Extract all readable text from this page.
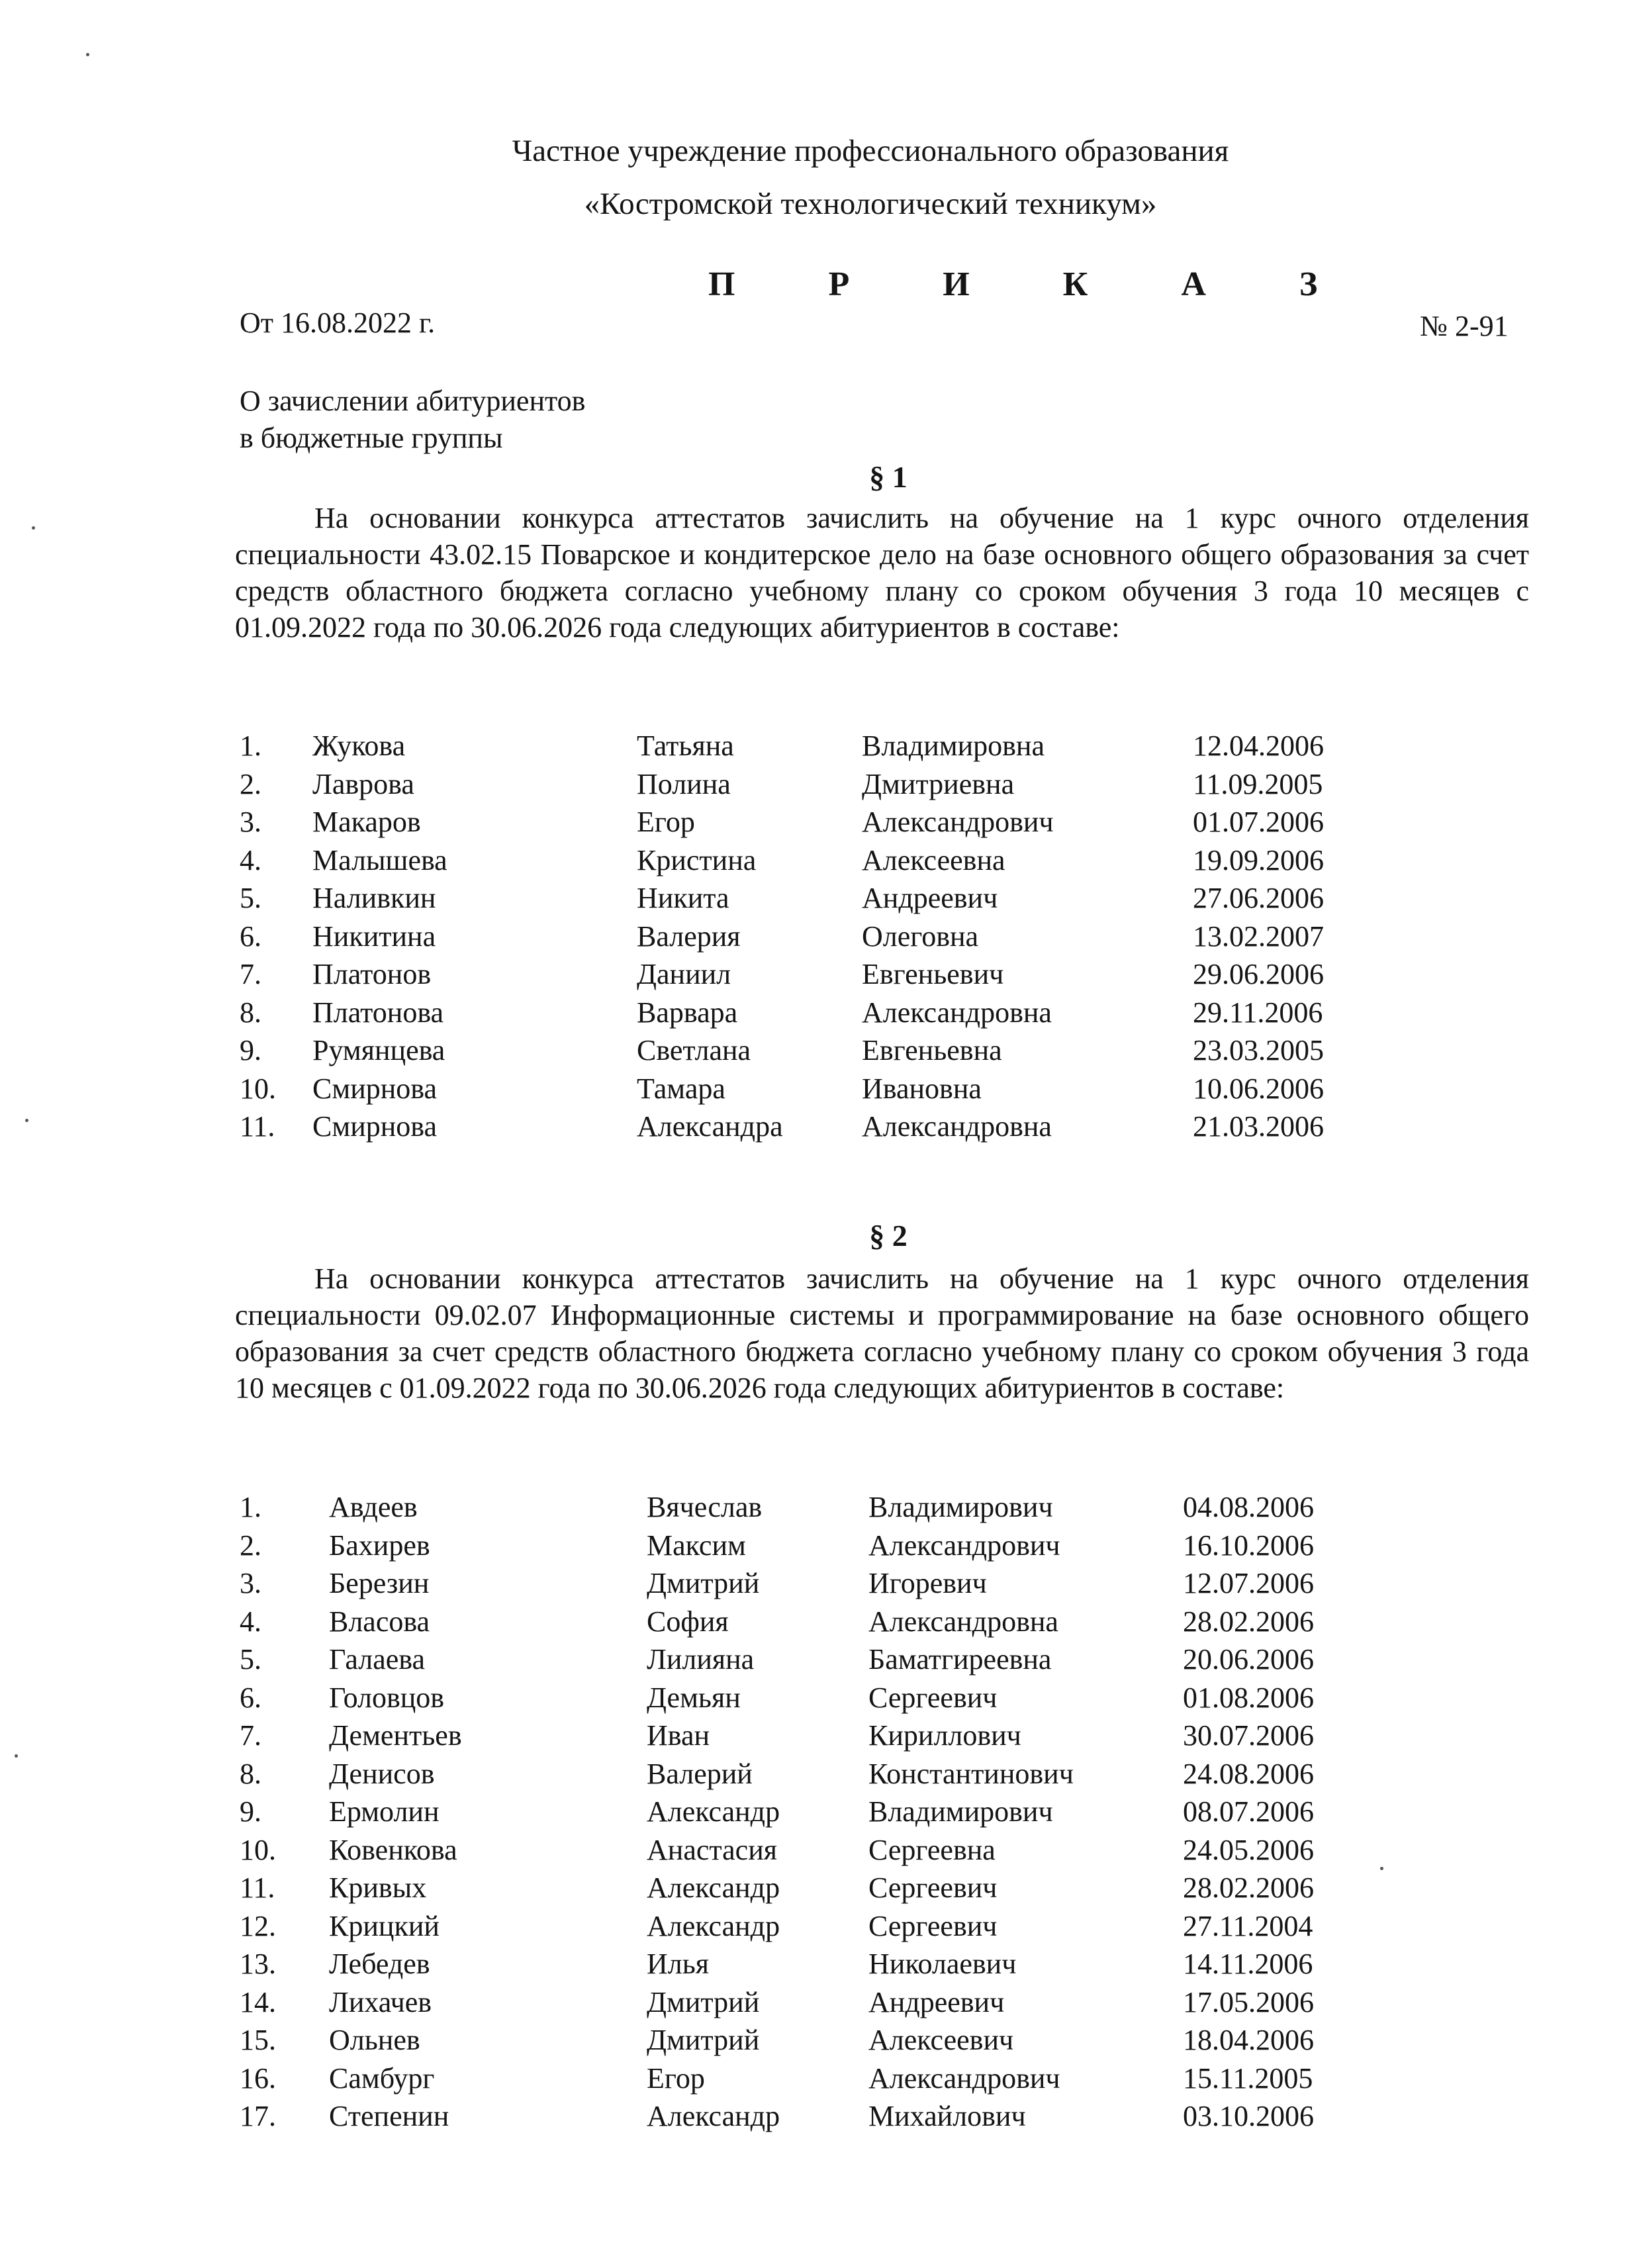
Частное учреждение профессионального образования
«Костромской технологический техникум»
П Р И К А З
От 16.08.2022 г.	№ 2-91
О зачислении абитуриентов
в бюджетные группы
§ 1
На основании конкурса аттестатов зачислить на обучение на 1 курс очного отделения специальности 43.02.15 Поварское и кондитерское дело на базе основного общего образования за счет средств областного бюджета согласно учебному плану со сроком обучения 3 года 10 месяцев с 01.09.2022 года по 30.06.2026 года следующих абитуриентов в составе:
1.	Жукова	Татьяна	Владимировна	12.04.2006
2.	Лаврова	Полина	Дмитриевна	11.09.2005
3.	Макаров	Егор	Александрович	01.07.2006
4.	Малышева	Кристина	Алексеевна	19.09.2006
5.	Наливкин	Никита	Андреевич	27.06.2006
6.	Никитина	Валерия	Олеговна	13.02.2007
7.	Платонов	Даниил	Евгеньевич	29.06.2006
8.	Платонова	Варвара	Александровна	29.11.2006
9.	Румянцева	Светлана	Евгеньевна	23.03.2005
10.	Смирнова	Тамара	Ивановна	10.06.2006
11.	Смирнова	Александра	Александровна	21.03.2006
§ 2
На основании конкурса аттестатов зачислить на обучение на 1 курс очного отделения специальности 09.02.07 Информационные системы и программирование на базе основного общего образования за счет средств областного бюджета согласно учебному плану со сроком обучения 3 года 10 месяцев с 01.09.2022 года по 30.06.2026 года следующих абитуриентов в составе:
1.	Авдеев	Вячеслав	Владимирович	04.08.2006
2.	Бахирев	Максим	Александрович	16.10.2006
3.	Березин	Дмитрий	Игоревич	12.07.2006
4.	Власова	София	Александровна	28.02.2006
5.	Галаева	Лилияна	Баматгиреевна	20.06.2006
6.	Головцов	Демьян	Сергеевич	01.08.2006
7.	Дементьев	Иван	Кириллович	30.07.2006
8.	Денисов	Валерий	Константинович	24.08.2006
9.	Ермолин	Александр	Владимирович	08.07.2006
10.	Ковенкова	Анастасия	Сергеевна	24.05.2006
11.	Кривых	Александр	Сергеевич	28.02.2006
12.	Крицкий	Александр	Сергеевич	27.11.2004
13.	Лебедев	Илья	Николаевич	14.11.2006
14.	Лихачев	Дмитрий	Андреевич	17.05.2006
15.	Ольнев	Дмитрий	Алексеевич	18.04.2006
16.	Самбург	Егор	Александрович	15.11.2005
17.	Степенин	Александр	Михайлович	03.10.2006
